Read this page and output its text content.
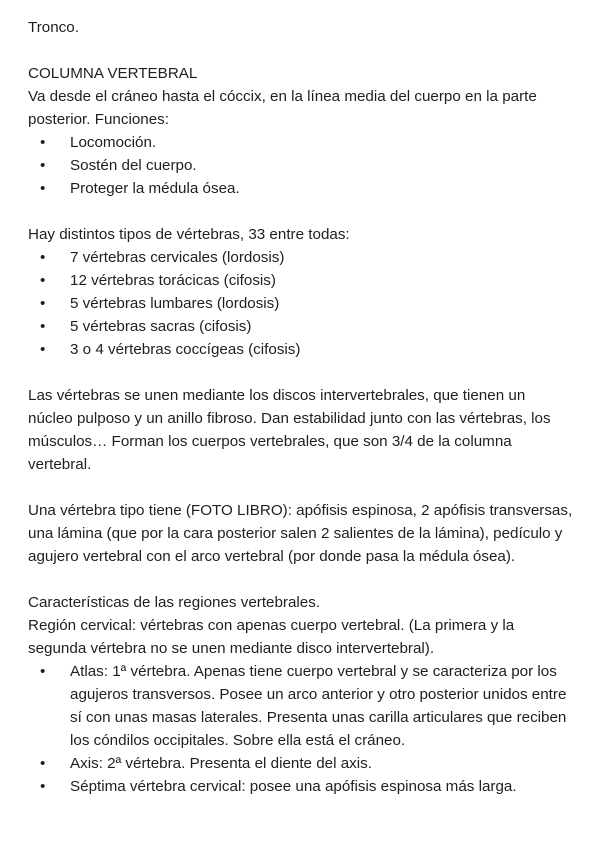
Tronco.

COLUMNA VERTEBRAL

Va desde el cráneo hasta el cóccix, en la línea media del cuerpo en la parte posterior. Funciones:

• Locomoción.
• Sostén del cuerpo.
• Proteger la médula ósea.

Hay distintos tipos de vértebras, 33 entre todas:

• 7 vértebras cervicales (lordosis)
• 12 vértebras torácicas (cifosis)
• 5 vértebras lumbares (lordosis)
• 5 vértebras sacras (cifosis)
• 3 o 4 vértebras coccígeas (cifosis)

Las vértebras se unen mediante los discos intervertebrales, que tienen un núcleo pulposo y un anillo fibroso. Dan estabilidad junto con las vértebras, los músculos… Forman los cuerpos vertebrales, que son 3/4 de la columna vertebral.

Una vértebra tipo tiene (FOTO LIBRO): apófisis espinosa, 2 apófisis transversas, una lámina (que por la cara posterior salen 2 salientes de la lámina), pedículo y agujero vertebral con el arco vertebral (por donde pasa la médula ósea).

Características de las regiones vertebrales.

Región cervical: vértebras con apenas cuerpo vertebral. (La primera y la segunda vértebra no se unen mediante disco intervertebral).

• Atlas: 1ª vértebra. Apenas tiene cuerpo vertebral y se caracteriza por los agujeros transversos. Posee un arco anterior y otro posterior unidos entre sí con unas masas laterales. Presenta unas carilla articulares que reciben los cóndilos occipitales. Sobre ella está el cráneo.
• Axis: 2ª vértebra. Presenta el diente del axis.
• Séptima vértebra cervical: posee una apófisis espinosa más larga.
